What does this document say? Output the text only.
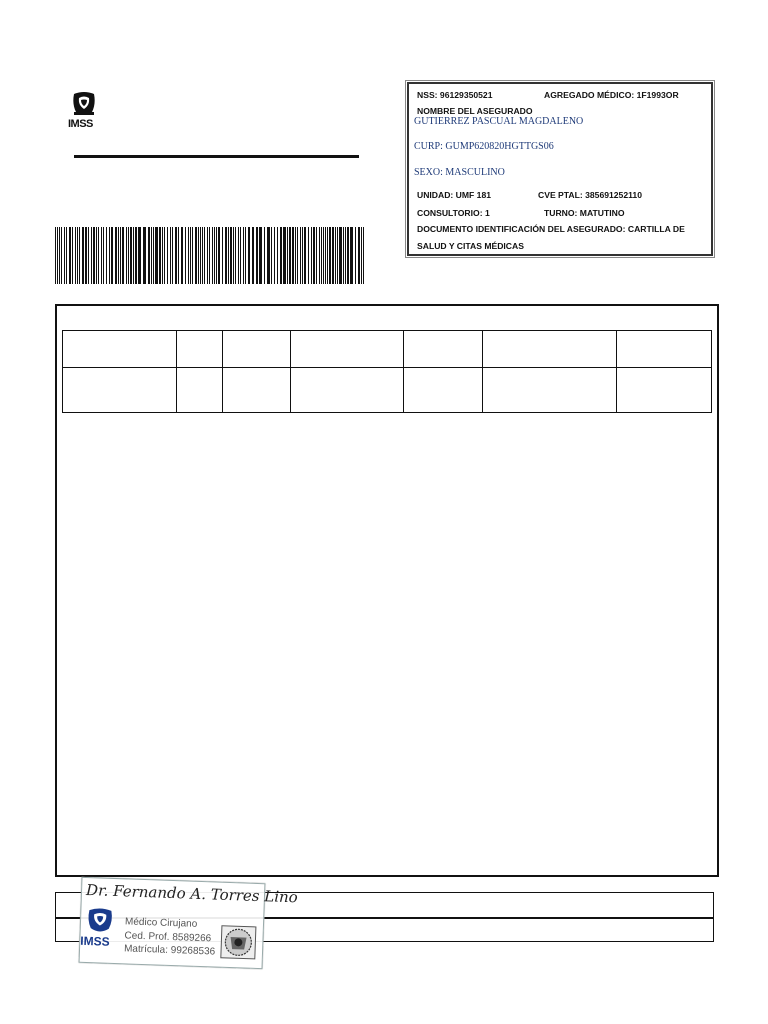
IMSS
NSS: 96129350521	AGREGADO MÉDICO: 1F1993OR
NOMBRE DEL ASEGURADO
GUTIERREZ PASCUAL MAGDALENO
CURP: GUMP620820HGTTGS06
SEXO: MASCULINO
UNIDAD: UMF 181	CVE PTAL: 385691252110
CONSULTORIO: 1	TURNO: MATUTINO
DOCUMENTO IDENTIFICACIÓN DEL ASEGURADO: CARTILLA DE
SALUD Y CITAS MÉDICAS

Dr. Fernando A. Torres Lino
IMSS
Médico Cirujano
Ced. Prof. 8589266
Matrícula: 99268536
